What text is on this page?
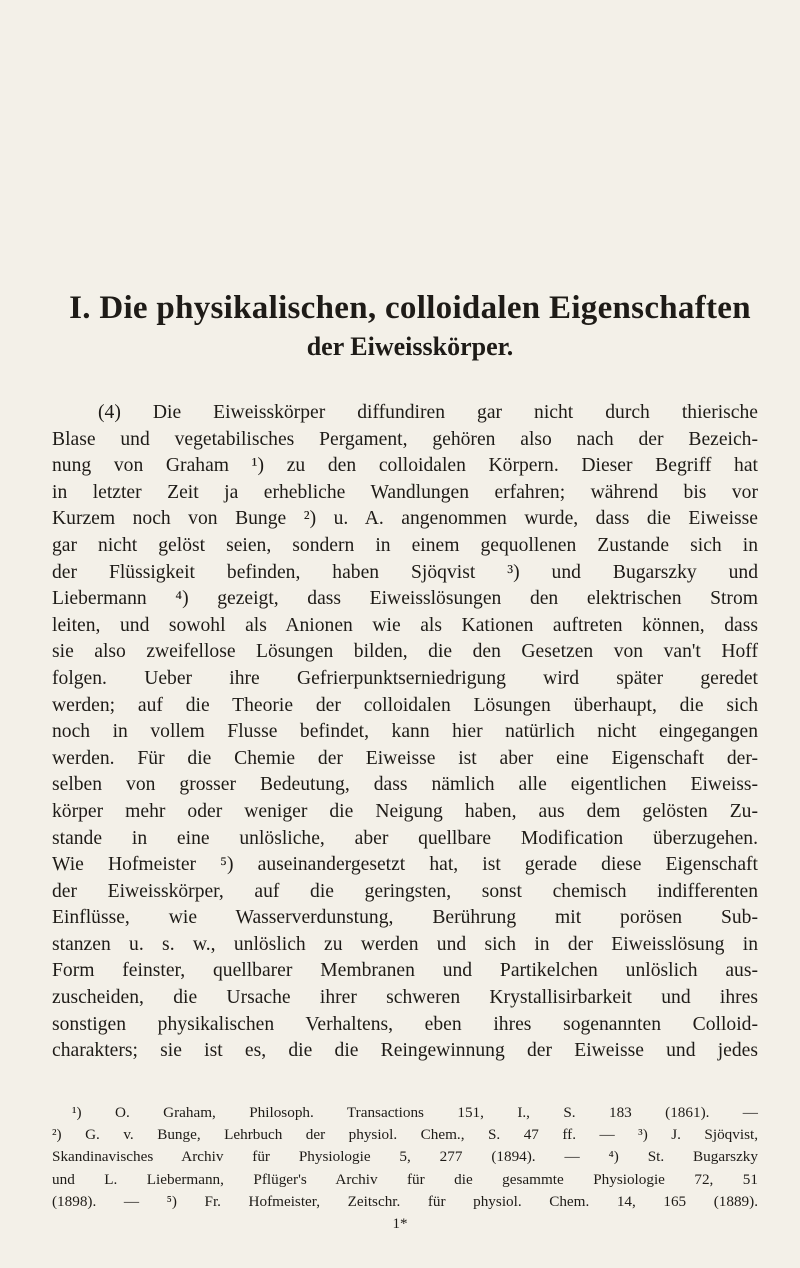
I. Die physikalischen, colloidalen Eigenschaften
der Eiweisskörper.
(4) Die Eiweisskörper diffundiren gar nicht durch thierische
Blase und vegetabilisches Pergament, gehören also nach der Bezeich-
nung von Graham ¹) zu den colloidalen Körpern. Dieser Begriff hat
in letzter Zeit ja erhebliche Wandlungen erfahren; während bis vor
Kurzem noch von Bunge ²) u. A. angenommen wurde, dass die Eiweisse
gar nicht gelöst seien, sondern in einem gequollenen Zustande sich in
der Flüssigkeit befinden, haben Sjöqvist ³) und Bugarszky und
Liebermann ⁴) gezeigt, dass Eiweisslösungen den elektrischen Strom
leiten, und sowohl als Anionen wie als Kationen auftreten können, dass
sie also zweifellose Lösungen bilden, die den Gesetzen von van't Hoff
folgen. Ueber ihre Gefrierpunktserniedrigung wird später geredet
werden; auf die Theorie der colloidalen Lösungen überhaupt, die sich
noch in vollem Flusse befindet, kann hier natürlich nicht eingegangen
werden. Für die Chemie der Eiweisse ist aber eine Eigenschaft der-
selben von grosser Bedeutung, dass nämlich alle eigentlichen Eiweiss-
körper mehr oder weniger die Neigung haben, aus dem gelösten Zu-
stande in eine unlösliche, aber quellbare Modification überzugehen.
Wie Hofmeister ⁵) auseinandergesetzt hat, ist gerade diese Eigenschaft
der Eiweisskörper, auf die geringsten, sonst chemisch indifferenten
Einflüsse, wie Wasserverdunstung, Berührung mit porösen Sub-
stanzen u. s. w., unlöslich zu werden und sich in der Eiweisslösung in
Form feinster, quellbarer Membranen und Partikelchen unlöslich aus-
zuscheiden, die Ursache ihrer schweren Krystallisirbarkeit und ihres
sonstigen physikalischen Verhaltens, eben ihres sogenannten Colloid-
charakters; sie ist es, die die Reingewinnung der Eiweisse und jedes
¹) O. Graham, Philosoph. Transactions 151, I., S. 183 (1861). —
²) G. v. Bunge, Lehrbuch der physiol. Chem., S. 47 ff. — ³) J. Sjöqvist,
Skandinavisches Archiv für Physiologie 5, 277 (1894). — ⁴) St. Bugarszky
und L. Liebermann, Pflüger's Archiv für die gesammte Physiologie 72, 51
(1898). — ⁵) Fr. Hofmeister, Zeitschr. für physiol. Chem. 14, 165 (1889).
1*
